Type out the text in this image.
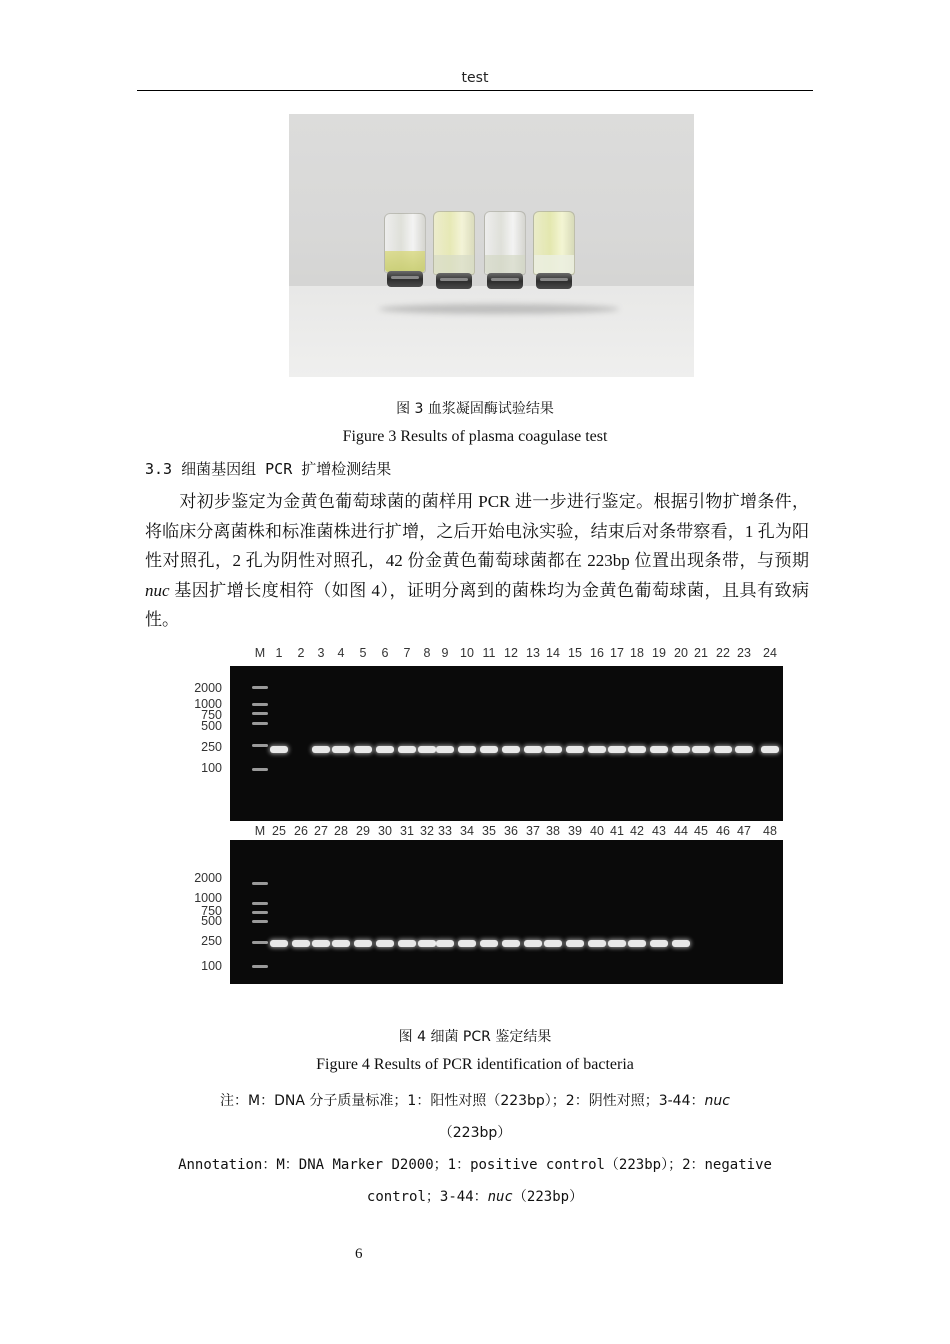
test
图 3 血浆凝固酶试验结果
Figure 3 Results of plasma coagulase test
3.3 细菌基因组 PCR 扩增检测结果
对初步鉴定为金黄色葡萄球菌的菌样用 PCR 进一步进行鉴定。根据引物扩增条件，将临床分离菌株和标准菌株进行扩增，之后开始电泳实验，结束后对条带察看，1 孔为阳性对照孔，2 孔为阴性对照孔，42 份金黄色葡萄球菌都在 223bp 位置出现条带，与预期 nuc 基因扩增长度相符（如图 4），证明分离到的菌株均为金黄色葡萄球菌，且具有致病性。
M 1 2 3 4 5 6 7 8 9 10 11 12 13 14 15 16 17 18 19 20 21 22 23 24
2000
1000
750
500
250
100
M 25 26 27 28 29 30 31 32 33 34 35 36 37 38 39 40 41 42 43 44 45 46 47 48
2000
1000
750
500
250
100
图 4 细菌 PCR 鉴定结果
Figure 4 Results of PCR identification of bacteria
注：M：DNA 分子质量标准；1：阳性对照（223bp）；2：阴性对照；3-44：nuc
（223bp）
Annotation：M：DNA Marker D2000；1：positive control（223bp）；2：negative
control；3-44：nuc（223bp）
6
